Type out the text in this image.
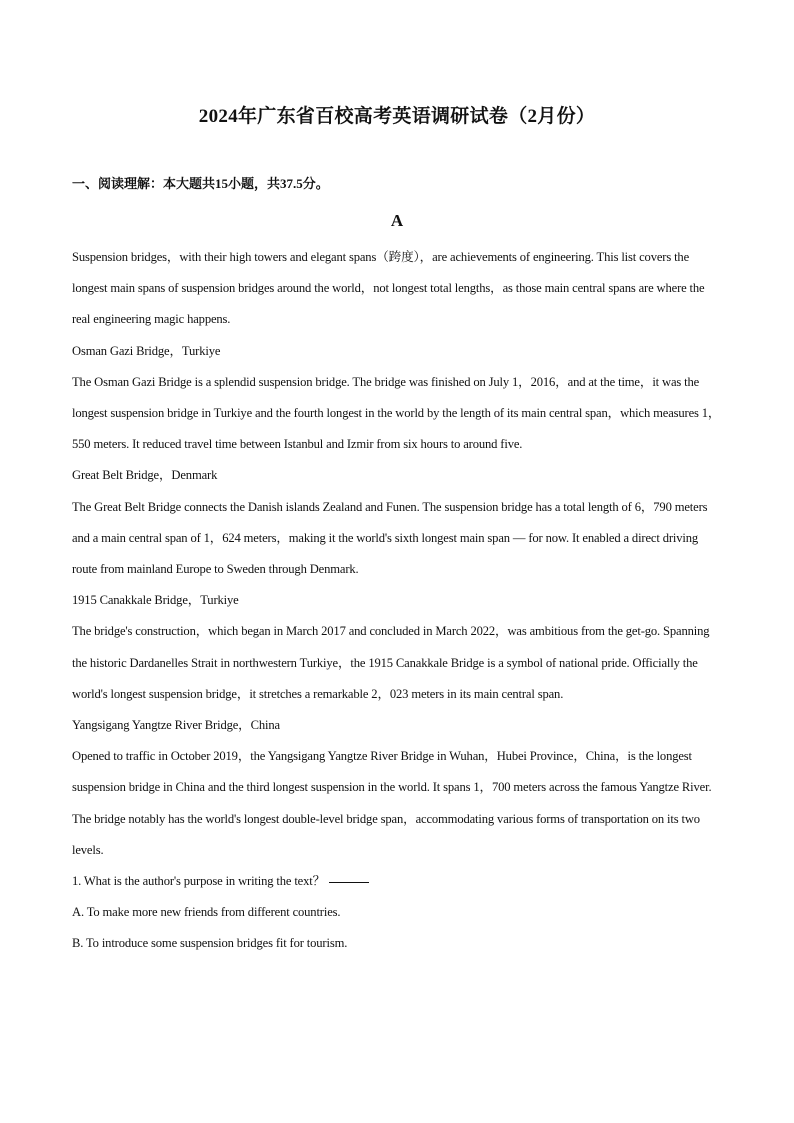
2024年广东省百校高考英语调研试卷（2月份）
一、阅读理解：本大题共15小题，共37.5分。
A

Suspension bridges，with their high towers and elegant spans（跨度），are achievements of engineering. This list covers the longest main spans of suspension bridges around the world，not longest total lengths，as those main central spans are where the real engineering magic happens.

Osman Gazi Bridge，Turkiye

The Osman Gazi Bridge is a splendid suspension bridge. The bridge was finished on July 1，2016，and at the time，it was the longest suspension bridge in Turkiye and the fourth longest in the world by the length of its main central span，which measures 1，550 meters. It reduced travel time between Istanbul and Izmir from six hours to around five.

Great Belt Bridge，Denmark

The Great Belt Bridge connects the Danish islands Zealand and Funen. The suspension bridge has a total length of 6，790 meters and a main central span of 1，624 meters，making it the world's sixth longest main span — for now. It enabled a direct driving route from mainland Europe to Sweden through Denmark.

1915 Canakkale Bridge，Turkiye

The bridge's construction，which began in March 2017 and concluded in March 2022，was ambitious from the get-go. Spanning the historic Dardanelles Strait in northwestern Turkiye，the 1915 Canakkale Bridge is a symbol of national pride. Officially the world's longest suspension bridge，it stretches a remarkable 2，023 meters in its main central span.

Yangsigang Yangtze River Bridge，China

Opened to traffic in October 2019，the Yangsigang Yangtze River Bridge in Wuhan，Hubei Province，China，is the longest suspension bridge in China and the third longest suspension in the world. It spans 1，700 meters across the famous Yangtze River. The bridge notably has the world's longest double-level bridge span，accommodating various forms of transportation on its two levels.

1. What is the author's purpose in writing the text？

A. To make more new friends from different countries.

B. To introduce some suspension bridges fit for tourism.
